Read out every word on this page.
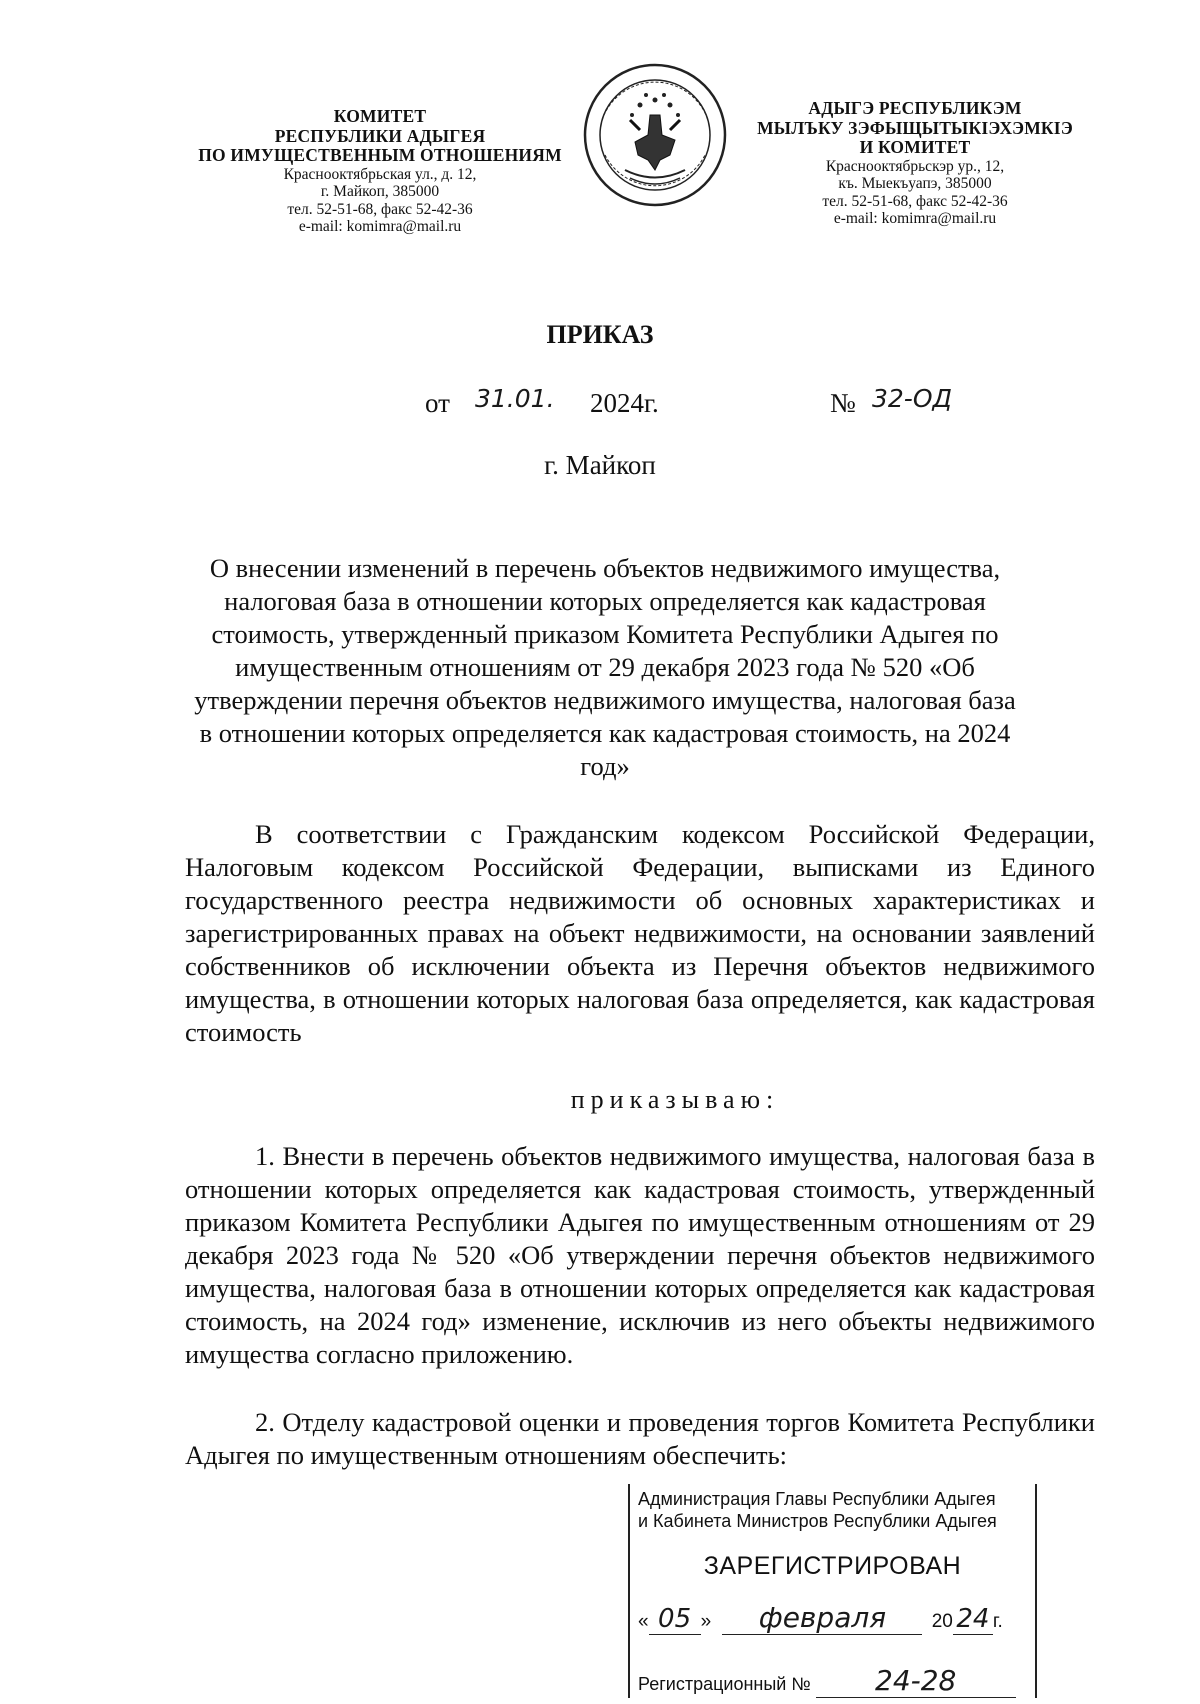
КОМИТЕТ
РЕСПУБЛИКИ АДЫГЕЯ
ПО ИМУЩЕСТВЕННЫМ ОТНОШЕНИЯМ
Краснооктябрьская ул., д. 12,
г. Майкоп, 385000
тел. 52-51-68, факс 52-42-36
e-mail: komimra@mail.ru
АДЫГЭ РЕСПУБЛИКЭМ
МЫЛЪКУ ЗЭФЫЩЫТЫКІЭХЭМКІЭ
И КОМИТЕТ
Краснооктябрьскэр ур., 12,
къ. Мыекъуапэ, 385000
тел. 52-51-68, факс 52-42-36
e-mail: komimra@mail.ru
ПРИКАЗ
от 31.01. 2024г.	№ 32-ОД
г. Майкоп
О внесении изменений в перечень объектов недвижимого имущества, налоговая база в отношении которых определяется как кадастровая стоимость, утвержденный приказом Комитета Республики Адыгея по имущественным отношениям от 29 декабря 2023 года № 520 «Об утверждении перечня объектов недвижимого имущества, налоговая база в отношении которых определяется как кадастровая стоимость, на 2024 год»
В соответствии с Гражданским кодексом Российской Федерации, Налоговым кодексом Российской Федерации, выписками из Единого государственного реестра недвижимости об основных характеристиках и зарегистрированных правах на объект недвижимости, на основании заявлений собственников об исключении объекта из Перечня объектов недвижимого имущества, в отношении которых налоговая база определяется, как кадастровая стоимость
приказываю:
1. Внести в перечень объектов недвижимого имущества, налоговая база в отношении которых определяется как кадастровая стоимость, утвержденный приказом Комитета Республики Адыгея по имущественным отношениям от 29 декабря 2023 года № 520 «Об утверждении перечня объектов недвижимого имущества, налоговая база в отношении которых определяется как кадастровая стоимость, на 2024 год» изменение, исключив из него объекты недвижимого имущества согласно приложению.
2. Отделу кадастровой оценки и проведения торгов Комитета Республики Адыгея по имущественным отношениям обеспечить:
Администрация Главы Республики Адыгея
и Кабинета Министров Республики Адыгея
ЗАРЕГИСТРИРОВАН
« 05 » февраля 20 24 г.
Регистрационный № 24-28
